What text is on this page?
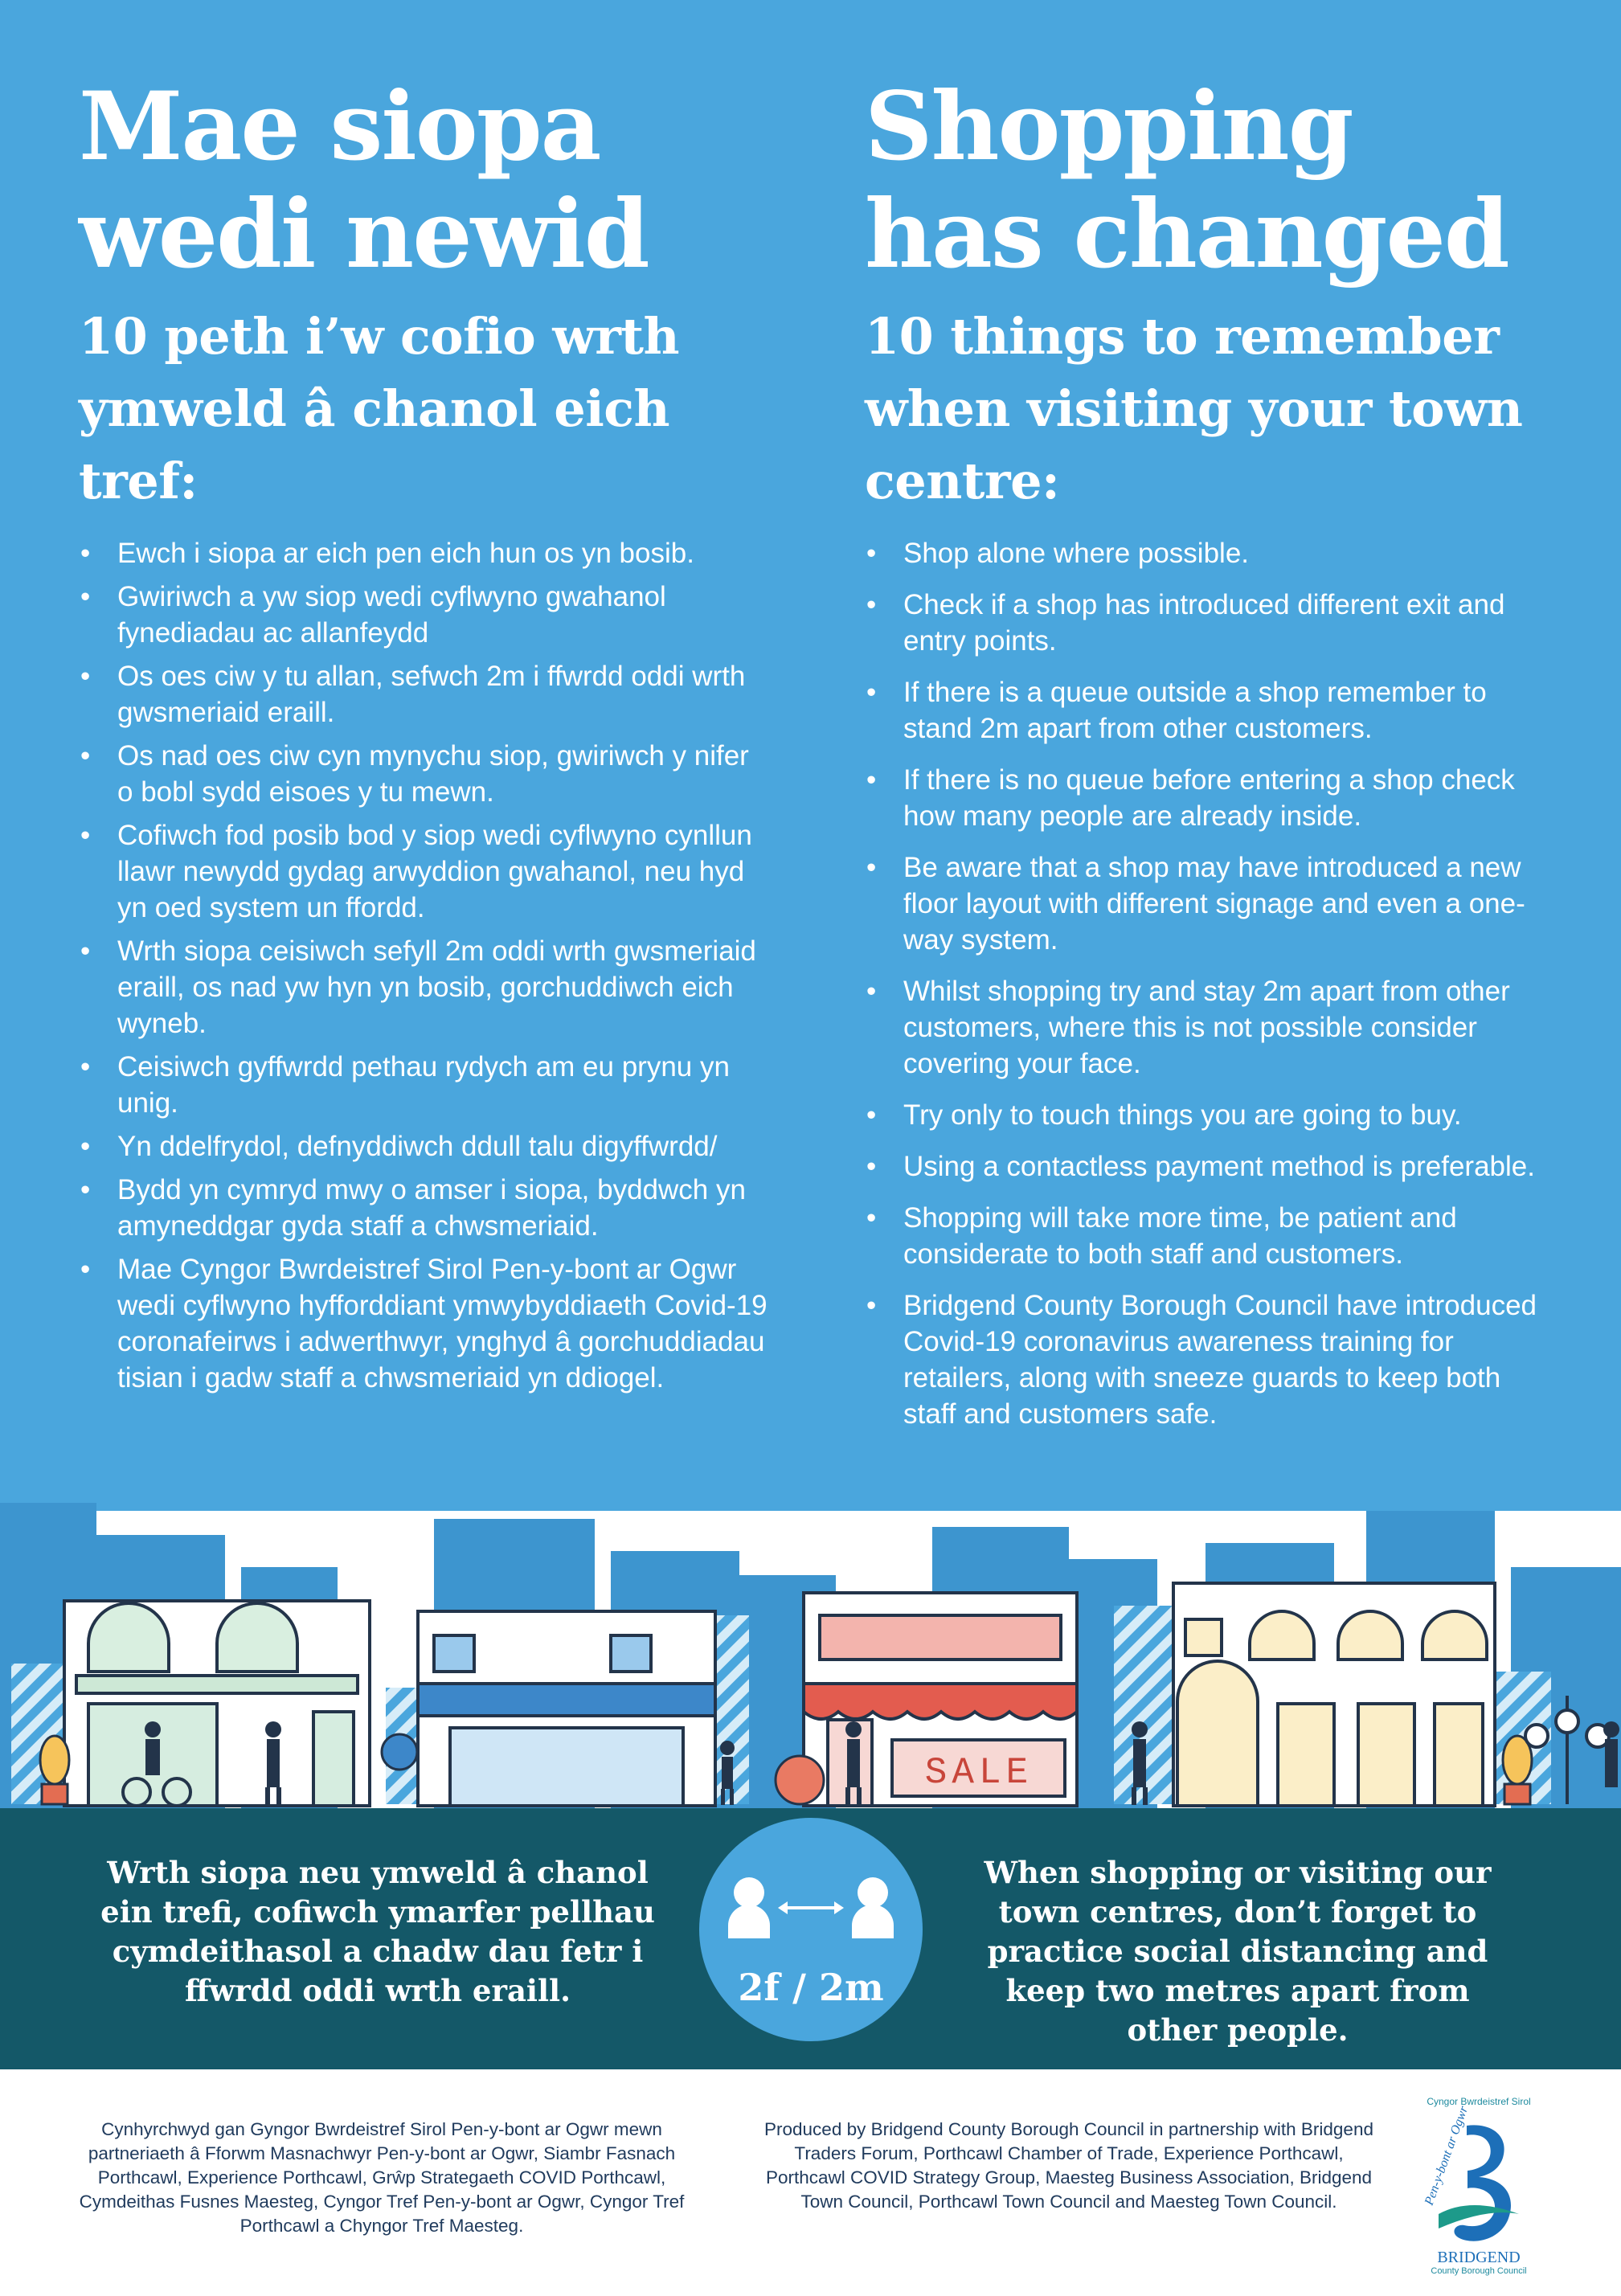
Mae siopa wedi newid
10 peth i’w cofio wrth ymweld â chanol eich tref:
• Ewch i siopa ar eich pen eich hun os yn bosib.
• Gwiriwch a yw siop wedi cyflwyno gwahanol fynediadau ac allanfeydd
• Os oes ciw y tu allan, sefwch 2m i ffwrdd oddi wrth gwsmeriaid eraill.
• Os nad oes ciw cyn mynychu siop, gwiriwch y nifer o bobl sydd eisoes y tu mewn.
• Cofiwch fod posib bod y siop wedi cyflwyno cynllun llawr newydd gydag arwyddion gwahanol, neu hyd yn oed system un ffordd.
• Wrth siopa ceisiwch sefyll 2m oddi wrth gwsmeriaid eraill, os nad yw hyn yn bosib, gorchuddiwch eich wyneb.
• Ceisiwch gyffwrdd pethau rydych am eu prynu yn unig.
• Yn ddelfrydol, defnyddiwch ddull talu digyffwrdd/
• Bydd yn cymryd mwy o amser i siopa, byddwch yn amyneddgar gyda staff a chwsmeriaid.
• Mae Cyngor Bwrdeistref Sirol Pen-y-bont ar Ogwr wedi cyflwyno hyfforddiant ymwybyddiaeth Covid-19 coronafeirws i adwerthwyr, ynghyd â gorchuddiadau tisian i gadw staff a chwsmeriaid yn ddiogel.
Shopping has changed
10 things to remember when visiting your town centre:
• Shop alone where possible.
• Check if a shop has introduced different exit and entry points.
• If there is a queue outside a shop remember to stand 2m apart from other customers.
• If there is no queue before entering a shop check how many people are already inside.
• Be aware that a shop may have introduced a new floor layout with different signage and even a one-way system.
• Whilst shopping try and stay 2m apart from other customers, where this is not possible consider covering your face.
• Try only to touch things you are going to buy.
• Using a contactless payment method is preferable.
• Shopping will take more time, be patient and considerate to both staff and customers.
• Bridgend County Borough Council have introduced Covid-19 coronavirus awareness training for retailers, along with sneeze guards to keep both staff and customers safe.
SALE

Wrth siopa neu ymweld â chanol ein trefi, cofiwch ymarfer pellhau cymdeithasol a chadw dau fetr i ffwrdd oddi wrth eraill.	2f / 2m

When shopping or visiting our town centres, don’t forget to practice social distancing and keep two metres apart from other people.

Cynhyrchwyd gan Gyngor Bwrdeistref Sirol Pen-y-bont ar Ogwr mewn partneriaeth â Fforwm Masnachwyr Pen-y-bont ar Ogwr, Siambr Fasnach Porthcawl, Experience Porthcawl, Grŵp Strategaeth COVID Porthcawl, Cymdeithas Fusnes Maesteg, Cyngor Tref Pen-y-bont ar Ogwr, Cyngor Tref Porthcawl a Chyngor Tref Maesteg.

Produced by Bridgend County Borough Council in partnership with Bridgend Traders Forum, Porthcawl Chamber of Trade, Experience Porthcawl, Porthcawl COVID Strategy Group, Maesteg Business Association, Bridgend Town Council, Porthcawl Town Council and Maesteg Town Council.

Cyngor Bwrdeistref Sirol
Pen-y-bont ar Ogwr
BRIDGEND
County Borough Council
